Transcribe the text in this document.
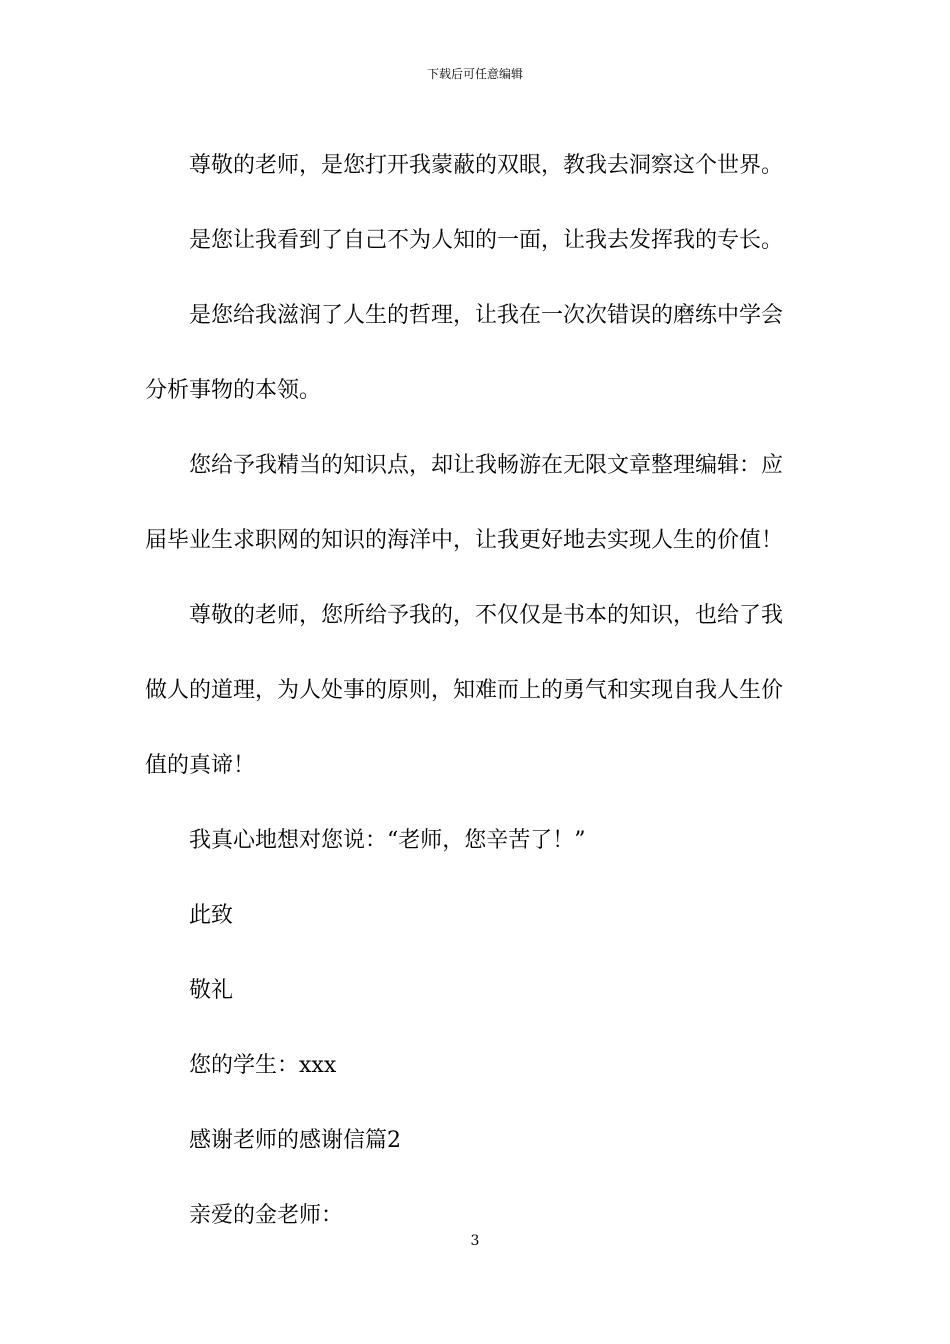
下载后可任意编辑
尊敬的老师，是您打开我蒙蔽的双眼，教我去洞察这个世界。
是您让我看到了自己不为人知的一面，让我去发挥我的专长。
是您给我滋润了人生的哲理，让我在一次次错误的磨练中学会
分析事物的本领。
您给予我精当的知识点，却让我畅游在无限文章整理编辑：应
届毕业生求职网的知识的海洋中，让我更好地去实现人生的价值！
尊敬的老师，您所给予我的，不仅仅是书本的知识，也给了我
做人的道理，为人处事的原则，知难而上的勇气和实现自我人生价
值的真谛！
我真心地想对您说：“老师，您辛苦了！”
此致
敬礼
您的学生：xxx
感谢老师的感谢信篇2
亲爱的金老师：
3
